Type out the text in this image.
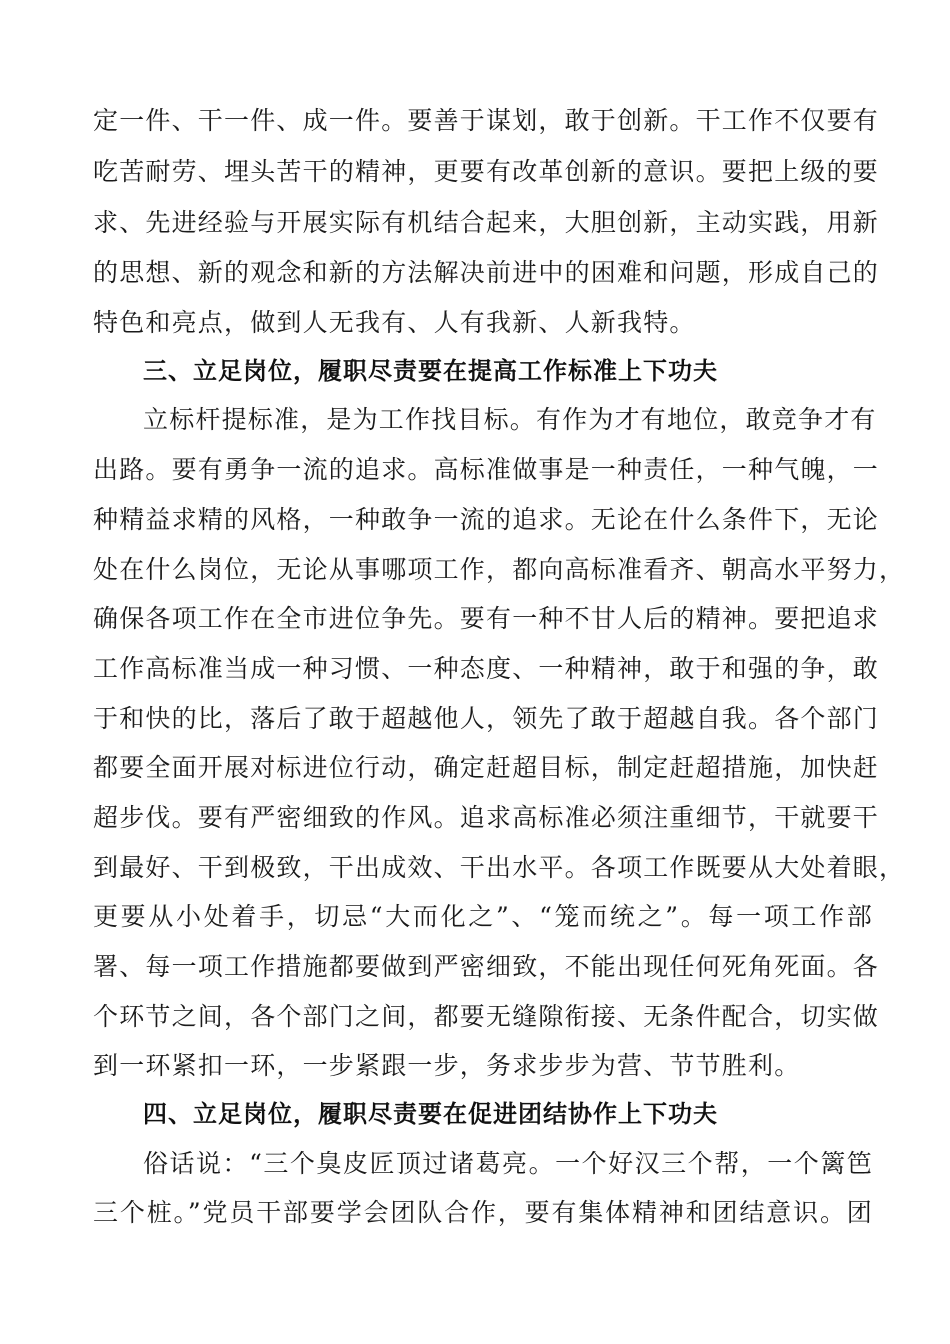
定一件、干一件、成一件。要善于谋划，敢于创新。干工作不仅要有
吃苦耐劳、埋头苦干的精神，更要有改革创新的意识。要把上级的要
求、先进经验与开展实际有机结合起来，大胆创新，主动实践，用新
的思想、新的观念和新的方法解决前进中的困难和问题，形成自己的
特色和亮点，做到人无我有、人有我新、人新我特。
三、立足岗位，履职尽责要在提高工作标准上下功夫
立标杆提标准，是为工作找目标。有作为才有地位，敢竞争才有
出路。要有勇争一流的追求。高标准做事是一种责任，一种气魄，一
种精益求精的风格，一种敢争一流的追求。无论在什么条件下，无论
处在什么岗位，无论从事哪项工作，都向高标准看齐、朝高水平努力，
确保各项工作在全市进位争先。要有一种不甘人后的精神。要把追求
工作高标准当成一种习惯、一种态度、一种精神，敢于和强的争，敢
于和快的比，落后了敢于超越他人，领先了敢于超越自我。各个部门
都要全面开展对标进位行动，确定赶超目标，制定赶超措施，加快赶
超步伐。要有严密细致的作风。追求高标准必须注重细节，干就要干
到最好、干到极致，干出成效、干出水平。各项工作既要从大处着眼，
更要从小处着手，切忌“大而化之”、“笼而统之”。每一项工作部
署、每一项工作措施都要做到严密细致，不能出现任何死角死面。各
个环节之间，各个部门之间，都要无缝隙衔接、无条件配合，切实做
到一环紧扣一环，一步紧跟一步，务求步步为营、节节胜利。
四、立足岗位，履职尽责要在促进团结协作上下功夫
俗话说：“三个臭皮匠顶过诸葛亮。一个好汉三个帮，一个篱笆
三个桩。”党员干部要学会团队合作，要有集体精神和团结意识。团
